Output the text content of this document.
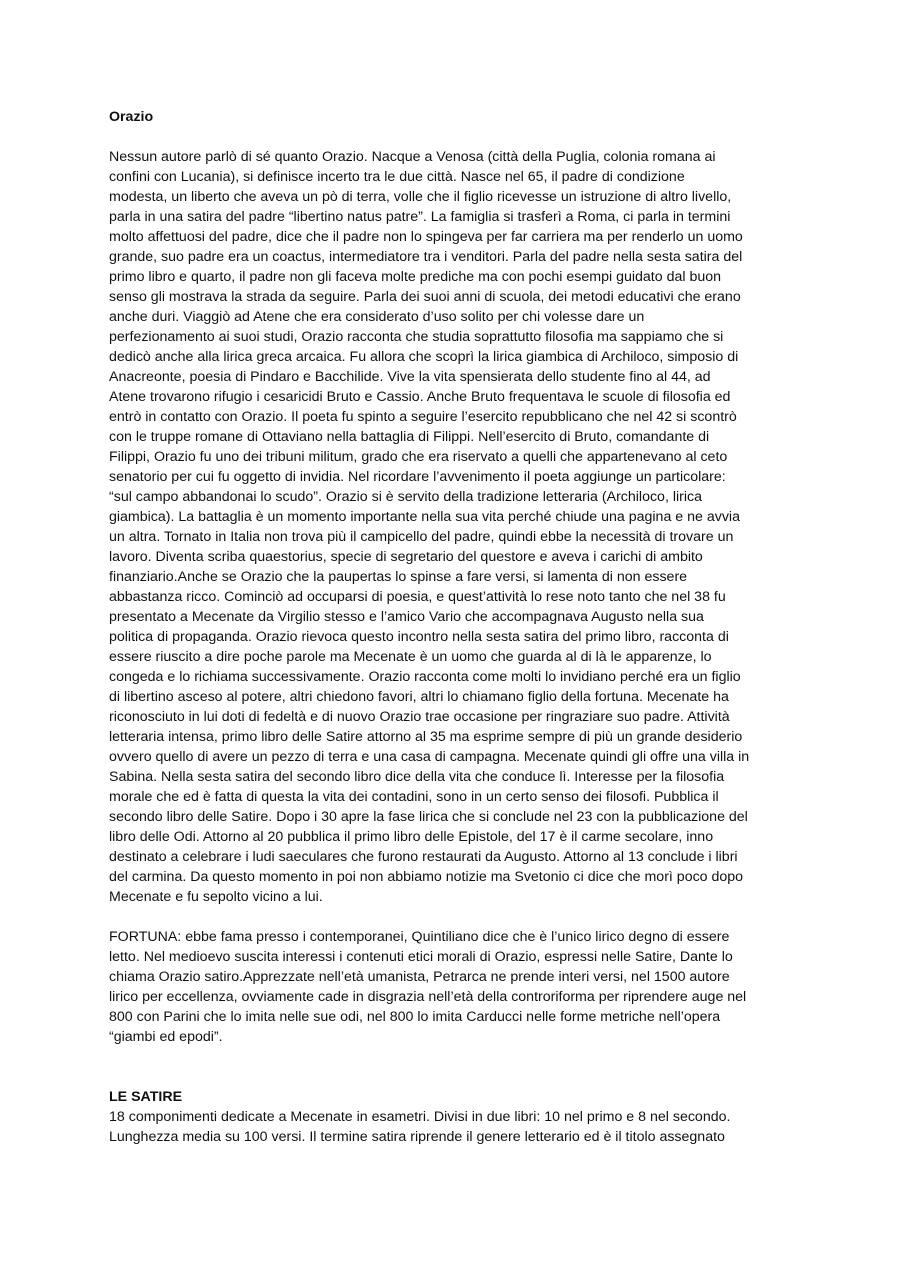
Orazio

Nessun autore parlò di sé quanto Orazio. Nacque a Venosa (città della Puglia, colonia romana ai
confini con Lucania), si definisce incerto tra le due città. Nasce nel 65, il padre di condizione
modesta, un liberto che aveva un pò di terra, volle che il figlio ricevesse un istruzione di altro livello,
parla in una satira del padre “libertino natus patre”. La famiglia si trasferì a Roma, ci parla in termini
molto affettuosi del padre, dice che il padre non lo spingeva per far carriera ma per renderlo un uomo
grande, suo padre era un coactus, intermediatore tra i venditori. Parla del padre nella sesta satira del
primo libro e quarto, il padre non gli faceva molte prediche ma con pochi esempi guidato dal buon
senso gli mostrava la strada da seguire. Parla dei suoi anni di scuola, dei metodi educativi che erano
anche duri. Viaggiò ad Atene che era considerato d’uso solito per chi volesse dare un
perfezionamento ai suoi studi, Orazio racconta che studia soprattutto filosofia ma sappiamo che si
dedicò anche alla lirica greca arcaica. Fu allora che scoprì la lirica giambica di Archiloco, simposio di
Anacreonte, poesia di Pindaro e Bacchilide. Vive la vita spensierata dello studente fino al 44, ad
Atene trovarono rifugio i cesaricidi Bruto e Cassio. Anche Bruto frequentava le scuole di filosofia ed
entrò in contatto con Orazio. Il poeta fu spinto a seguire l’esercito repubblicano che nel 42 si scontrò
con le truppe romane di Ottaviano nella battaglia di Filippi. Nell’esercito di Bruto, comandante di
Filippi, Orazio fu uno dei tribuni militum, grado che era riservato a quelli che appartenevano al ceto
senatorio per cui fu oggetto di invidia. Nel ricordare l’avvenimento il poeta aggiunge un particolare:
“sul campo abbandonai lo scudo”. Orazio si è servito della tradizione letteraria (Archiloco, lirica
giambica). La battaglia è un momento importante nella sua vita perché chiude una pagina e ne avvia
un altra. Tornato in Italia non trova più il campicello del padre, quindi ebbe la necessità di trovare un
lavoro. Diventa scriba quaestorius, specie di segretario del questore e aveva i carichi di ambito
finanziario.Anche se Orazio che la paupertas lo spinse a fare versi, si lamenta di non essere
abbastanza ricco. Cominciò ad occuparsi di poesia, e quest’attività lo rese noto tanto che nel 38 fu
presentato a Mecenate da Virgilio stesso e l’amico Vario che accompagnava Augusto nella sua
politica di propaganda. Orazio rievoca questo incontro nella sesta satira del primo libro, racconta di
essere riuscito a dire poche parole ma Mecenate è un uomo che guarda al di là le apparenze, lo
congeda e lo richiama successivamente. Orazio racconta come molti lo invidiano perché era un figlio
di libertino asceso al potere, altri chiedono favori, altri lo chiamano figlio della fortuna. Mecenate ha
riconosciuto in lui doti di fedeltà e di nuovo Orazio trae occasione per ringraziare suo padre. Attività
letteraria intensa, primo libro delle Satire attorno al 35 ma esprime sempre di più un grande desiderio
ovvero quello di avere un pezzo di terra e una casa di campagna. Mecenate quindi gli offre una villa in
Sabina. Nella sesta satira del secondo libro dice della vita che conduce lì. Interesse per la filosofia
morale che ed è fatta di questa la vita dei contadini, sono in un certo senso dei filosofi. Pubblica il
secondo libro delle Satire. Dopo i 30 apre la fase lirica che si conclude nel 23 con la pubblicazione del
libro delle Odi. Attorno al 20 pubblica il primo libro delle Epistole, del 17 è il carme secolare, inno
destinato a celebrare i ludi saeculares che furono restaurati da Augusto. Attorno al 13 conclude i libri
del carmina. Da questo momento in poi non abbiamo notizie ma Svetonio ci dice che morì poco dopo
Mecenate e fu sepolto vicino a lui.

FORTUNA: ebbe fama presso i contemporanei, Quintiliano dice che è l’unico lirico degno di essere
letto. Nel medioevo suscita interessi i contenuti etici morali di Orazio, espressi nelle Satire, Dante lo
chiama Orazio satiro.Apprezzate nell’età umanista, Petrarca ne prende interi versi, nel 1500 autore
lirico per eccellenza, ovviamente cade in disgrazia nell’età della controriforma per riprendere auge nel
800 con Parini che lo imita nelle sue odi, nel 800 lo imita Carducci nelle forme metriche nell’opera
“giambi ed epodi”.

LE SATIRE

18 componimenti dedicate a Mecenate in esametri. Divisi in due libri: 10 nel primo e 8 nel secondo.
Lunghezza media su 100 versi. Il termine satira riprende il genere letterario ed è il titolo assegnato
